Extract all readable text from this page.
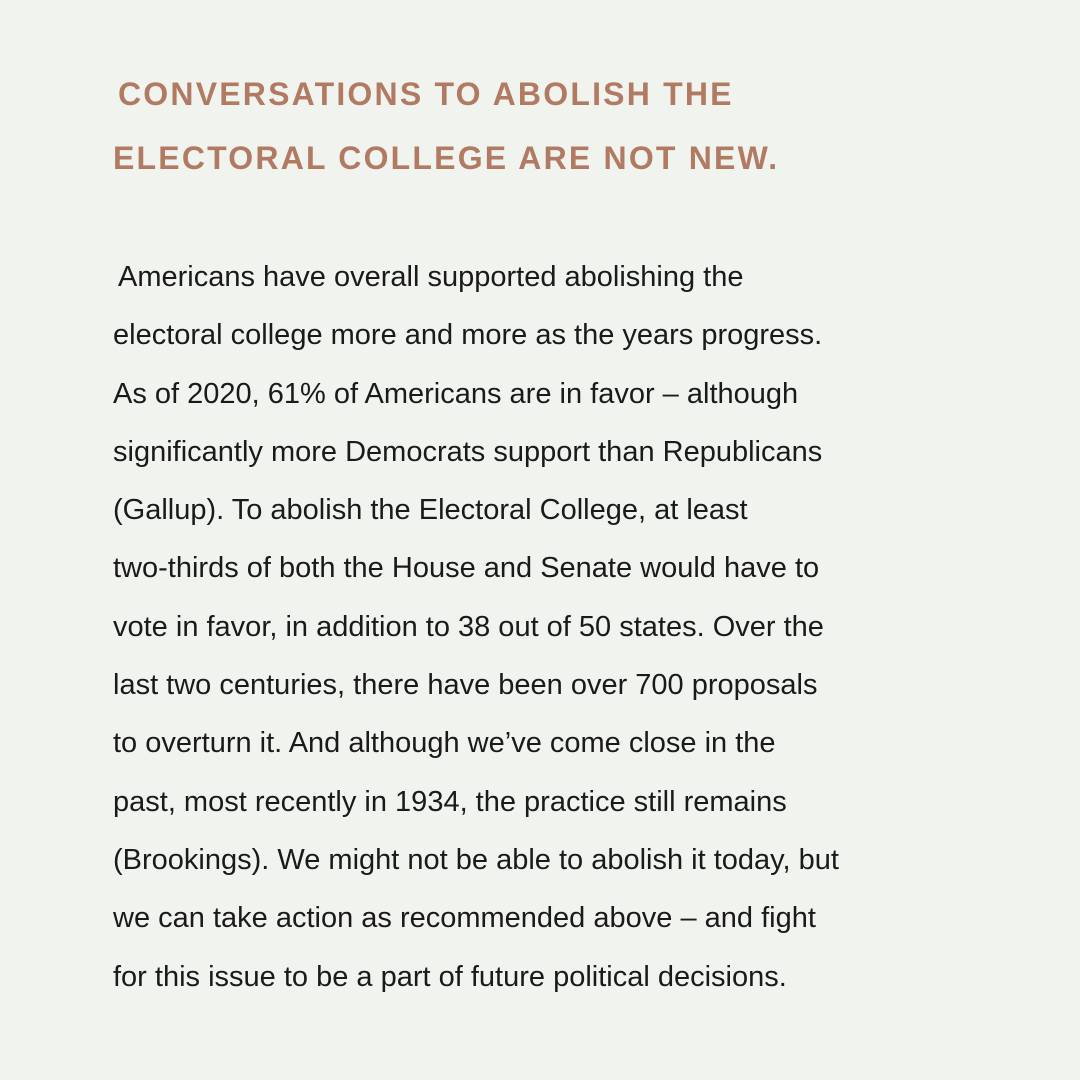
CONVERSATIONS TO ABOLISH THE
ELECTORAL COLLEGE ARE NOT NEW.
Americans have overall supported abolishing the
electoral college more and more as the years progress.
As of 2020, 61% of Americans are in favor – although
significantly more Democrats support than Republicans
(Gallup). To abolish the Electoral College, at least
two-thirds of both the House and Senate would have to
vote in favor, in addition to 38 out of 50 states. Over the
last two centuries, there have been over 700 proposals
to overturn it. And although we’ve come close in the
past, most recently in 1934, the practice still remains
(Brookings). We might not be able to abolish it today, but
we can take action as recommended above – and fight
for this issue to be a part of future political decisions.
